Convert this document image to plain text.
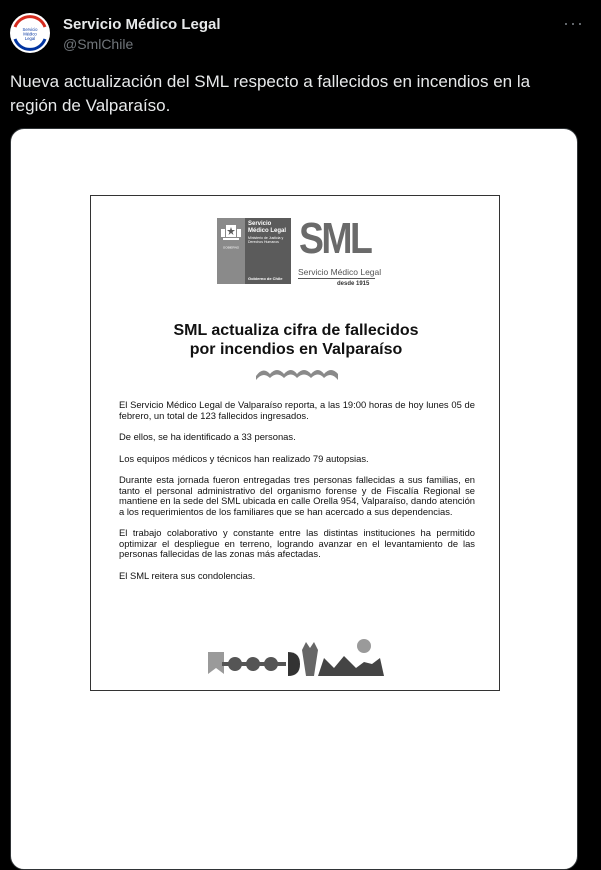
Servicio
Médico
Legal
Servicio Médico Legal
@SmlChile
···
Nueva actualización del SML respecto a fallecidos en incendios en la región de Valparaíso.
GOBIERNO
Servicio
Médico Legal
Ministerio de Justicia y Derechos Humanos
Gobierno de Chile
SML
Servicio Médico Legal
desde 1915
SML actualiza cifra de fallecidos
por incendios en Valparaíso

El Servicio Médico Legal de Valparaíso reporta, a las 19:00 horas de hoy lunes 05 de febrero, un total de 123 fallecidos ingresados.

De ellos, se ha identificado a 33 personas.

Los equipos médicos y técnicos han realizado 79 autopsias.

Durante esta jornada fueron entregadas tres personas fallecidas a sus familias, en tanto el personal administrativo del organismo forense y de Fiscalía Regional se mantiene en la sede del SML ubicada en calle Orella 954, Valparaíso, dando atención a los requerimientos de los familiares que se han acercado a sus dependencias.

El trabajo colaborativo y constante entre las distintas instituciones ha permitido optimizar el despliegue en terreno, logrando avanzar en el levantamiento de las personas fallecidas de las zonas más afectadas.

El SML reitera sus condolencias.
